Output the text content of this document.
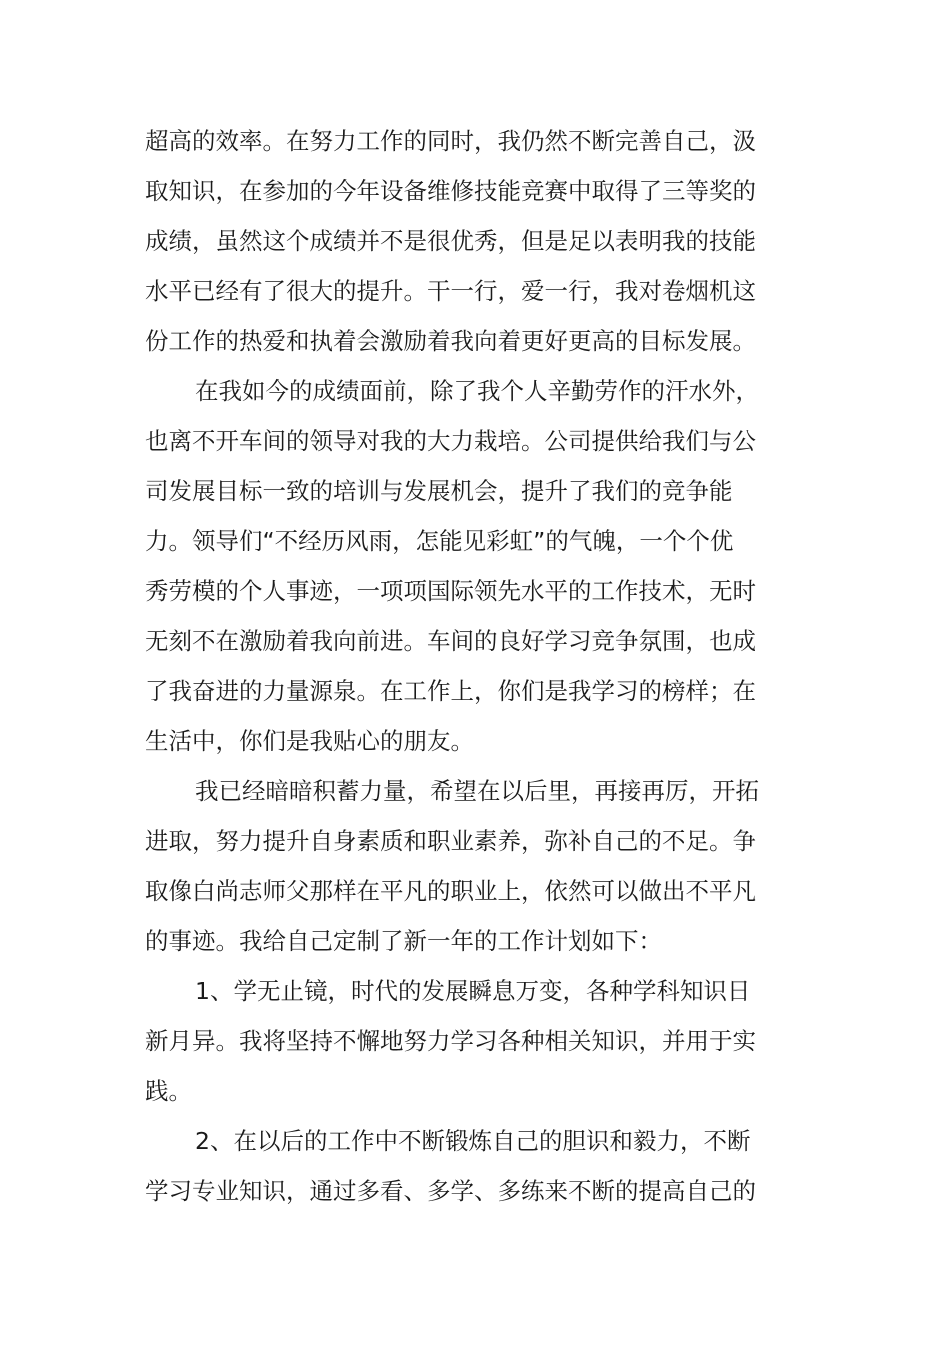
超高的效率。在努力工作的同时，我仍然不断完善自己，汲

取知识，在参加的今年设备维修技能竞赛中取得了三等奖的

成绩，虽然这个成绩并不是很优秀，但是足以表明我的技能

水平已经有了很大的提升。干一行，爱一行，我对卷烟机这

份工作的热爱和执着会激励着我向着更好更高的目标发展。

在我如今的成绩面前，除了我个人辛勤劳作的汗水外，

也离不开车间的领导对我的大力栽培。公司提供给我们与公

司发展目标一致的培训与发展机会，提升了我们的竞争能

力。领导们“不经历风雨，怎能见彩虹”的气魄，一个个优

秀劳模的个人事迹，一项项国际领先水平的工作技术，无时

无刻不在激励着我向前进。车间的良好学习竞争氛围，也成

了我奋进的力量源泉。在工作上，你们是我学习的榜样；在

生活中，你们是我贴心的朋友。

我已经暗暗积蓄力量，希望在以后里，再接再厉，开拓

进取，努力提升自身素质和职业素养，弥补自己的不足。争

取像白尚志师父那样在平凡的职业上，依然可以做出不平凡

的事迹。我给自己定制了新一年的工作计划如下：

1、学无止镜，时代的发展瞬息万变，各种学科知识日

新月异。我将坚持不懈地努力学习各种相关知识，并用于实

践。

2、在以后的工作中不断锻炼自己的胆识和毅力，不断

学习专业知识，通过多看、多学、多练来不断的提高自己的
